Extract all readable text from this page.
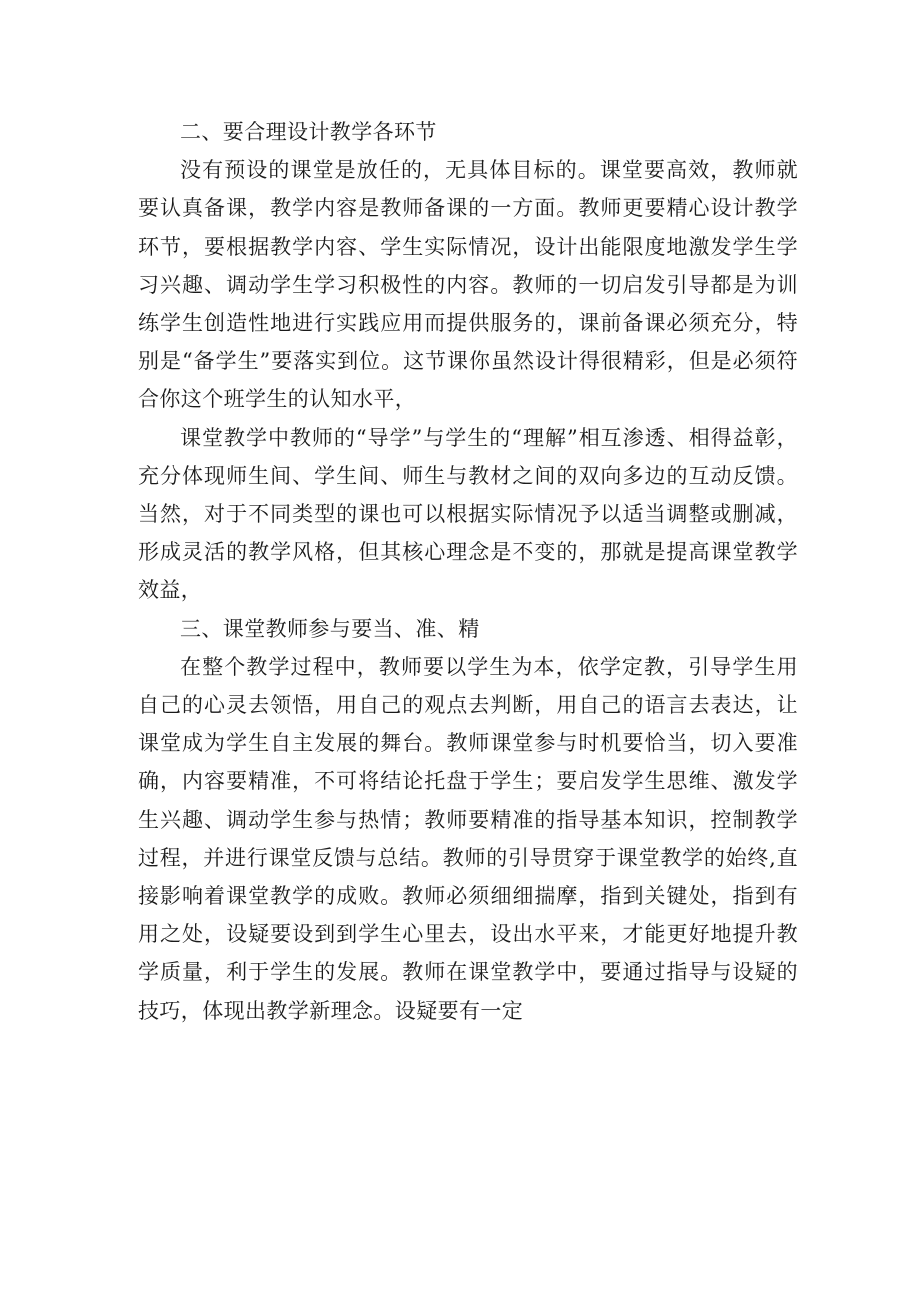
二、要合理设计教学各环节

没有预设的课堂是放任的，无具体目标的。课堂要高效，教师就要认真备课，教学内容是教师备课的一方面。教师更要精心设计教学环节，要根据教学内容、学生实际情况，设计出能限度地激发学生学习兴趣、调动学生学习积极性的内容。教师的一切启发引导都是为训练学生创造性地进行实践应用而提供服务的，课前备课必须充分，特别是“备学生”要落实到位。这节课你虽然设计得很精彩，但是必须符合你这个班学生的认知水平，

课堂教学中教师的“导学”与学生的“理解”相互渗透、相得益彰，充分体现师生间、学生间、师生与教材之间的双向多边的互动反馈。当然，对于不同类型的课也可以根据实际情况予以适当调整或删减，形成灵活的教学风格，但其核心理念是不变的，那就是提高课堂教学效益，

三、课堂教师参与要当、准、精

在整个教学过程中，教师要以学生为本，依学定教，引导学生用自己的心灵去领悟，用自己的观点去判断，用自己的语言去表达，让课堂成为学生自主发展的舞台。教师课堂参与时机要恰当，切入要准确，内容要精准，不可将结论托盘于学生；要启发学生思维、激发学生兴趣、调动学生参与热情；教师要精准的指导基本知识，控制教学过程，并进行课堂反馈与总结。教师的引导贯穿于课堂教学的始终,直接影响着课堂教学的成败。教师必须细细揣摩，指到关键处，指到有用之处，设疑要设到到学生心里去，设出水平来，才能更好地提升教学质量，利于学生的发展。教师在课堂教学中，要通过指导与设疑的技巧，体现出教学新理念。设疑要有一定
